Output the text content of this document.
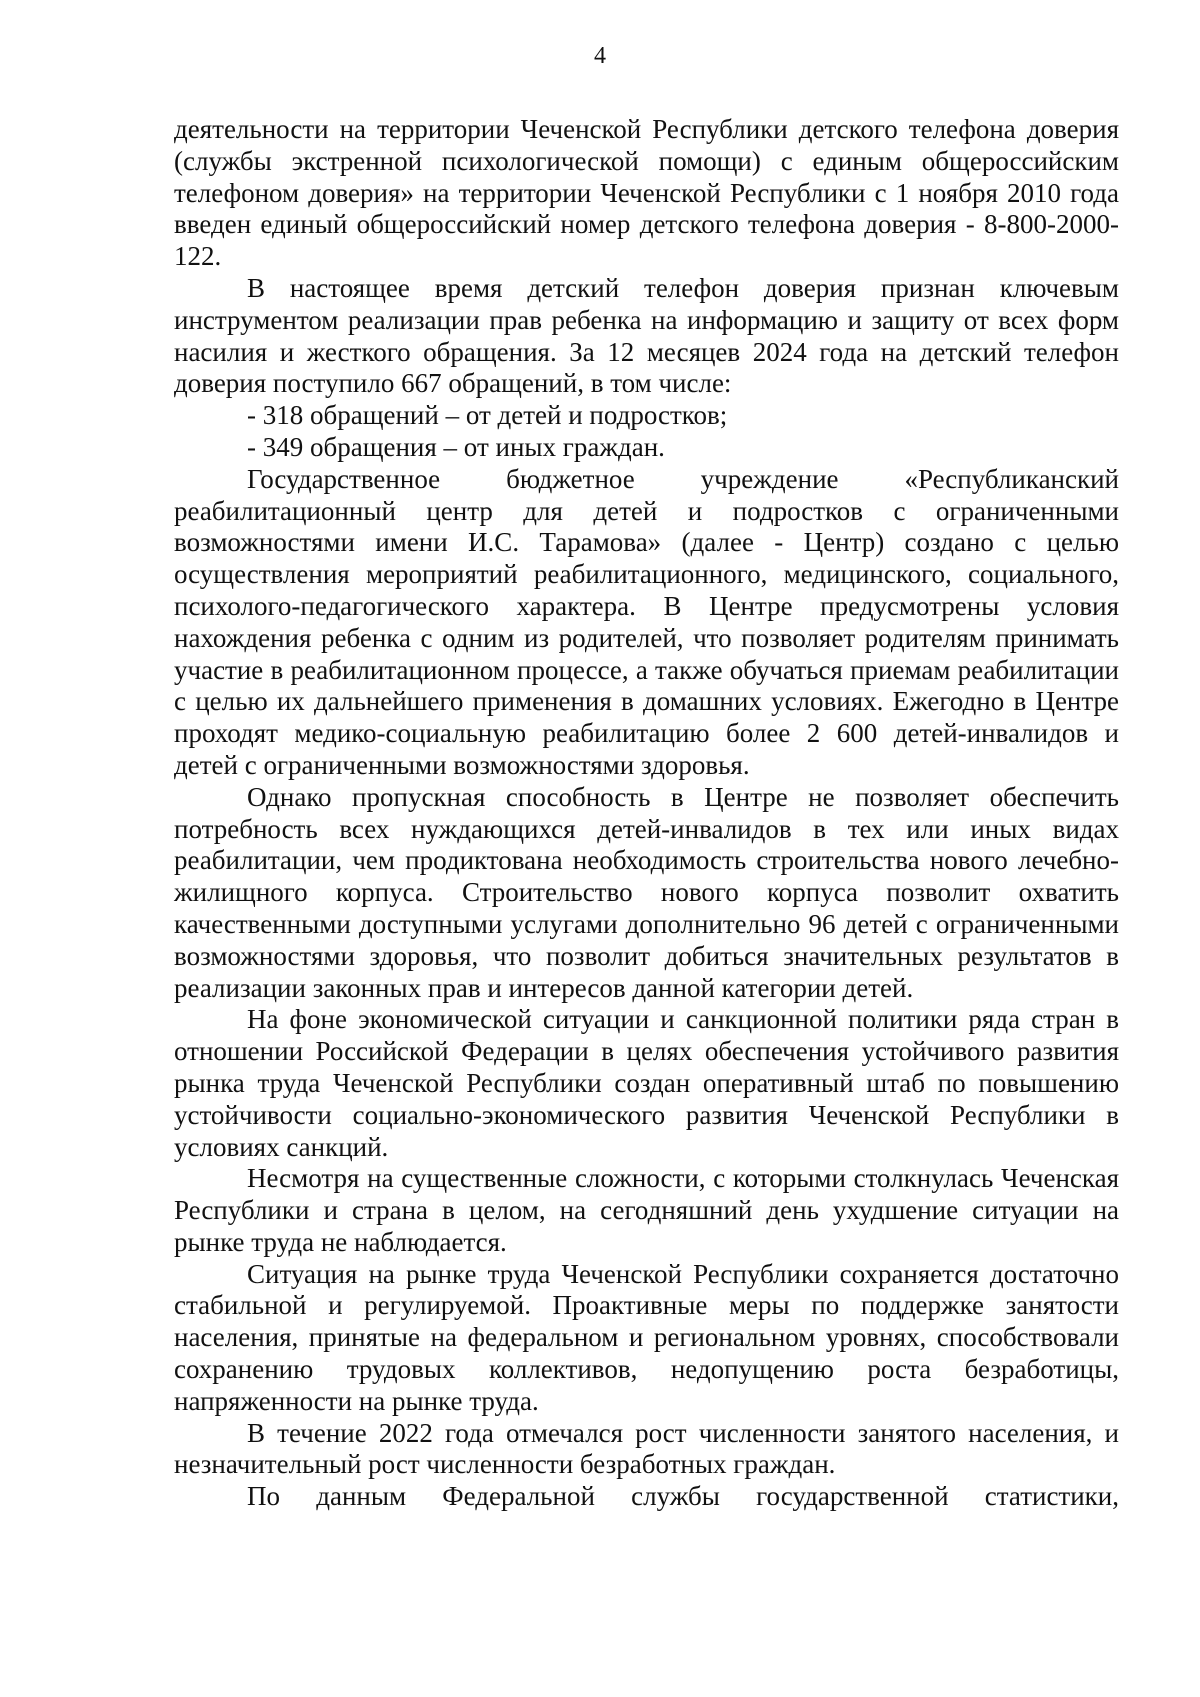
4

деятельности на территории Чеченской Республики детского телефона доверия (службы экстренной психологической помощи) с единым общероссийским телефоном доверия» на территории Чеченской Республики с 1 ноября 2010 года введен единый общероссийский номер детского телефона доверия - 8-800-2000-122.

В настоящее время детский телефон доверия признан ключевым инструментом реализации прав ребенка на информацию и защиту от всех форм насилия и жесткого обращения. За 12 месяцев 2024 года на детский телефон доверия поступило 667 обращений, в том числе:

- 318 обращений – от детей и подростков;

- 349 обращения – от иных граждан.

Государственное бюджетное учреждение «Республиканский реабилитационный центр для детей и подростков с ограниченными возможностями имени И.С. Тарамова» (далее - Центр) создано с целью осуществления мероприятий реабилитационного, медицинского, социального, психолого-педагогического характера. В Центре предусмотрены условия нахождения ребенка с одним из родителей, что позволяет родителям принимать участие в реабилитационном процессе, а также обучаться приемам реабилитации с целью их дальнейшего применения в домашних условиях. Ежегодно в Центре проходят медико-социальную реабилитацию более 2 600 детей-инвалидов и детей с ограниченными возможностями здоровья.

Однако пропускная способность в Центре не позволяет обеспечить потребность всех нуждающихся детей-инвалидов в тех или иных видах реабилитации, чем продиктована необходимость строительства нового лечебно-жилищного корпуса. Строительство нового корпуса позволит охватить качественными доступными услугами дополнительно 96 детей с ограниченными возможностями здоровья, что позволит добиться значительных результатов в реализации законных прав и интересов данной категории детей.

На фоне экономической ситуации и санкционной политики ряда стран в отношении Российской Федерации в целях обеспечения устойчивого развития рынка труда Чеченской Республики создан оперативный штаб по повышению устойчивости социально-экономического развития Чеченской Республики в условиях санкций.

Несмотря на существенные сложности, с которыми столкнулась Чеченская Республики и страна в целом, на сегодняшний день ухудшение ситуации на рынке труда не наблюдается.

Ситуация на рынке труда Чеченской Республики сохраняется достаточно стабильной и регулируемой. Проактивные меры по поддержке занятости населения, принятые на федеральном и региональном уровнях, способствовали сохранению трудовых коллективов, недопущению роста безработицы, напряженности на рынке труда.

В течение 2022 года отмечался рост численности занятого населения, и незначительный рост численности безработных граждан.

По данным Федеральной службы государственной статистики,
